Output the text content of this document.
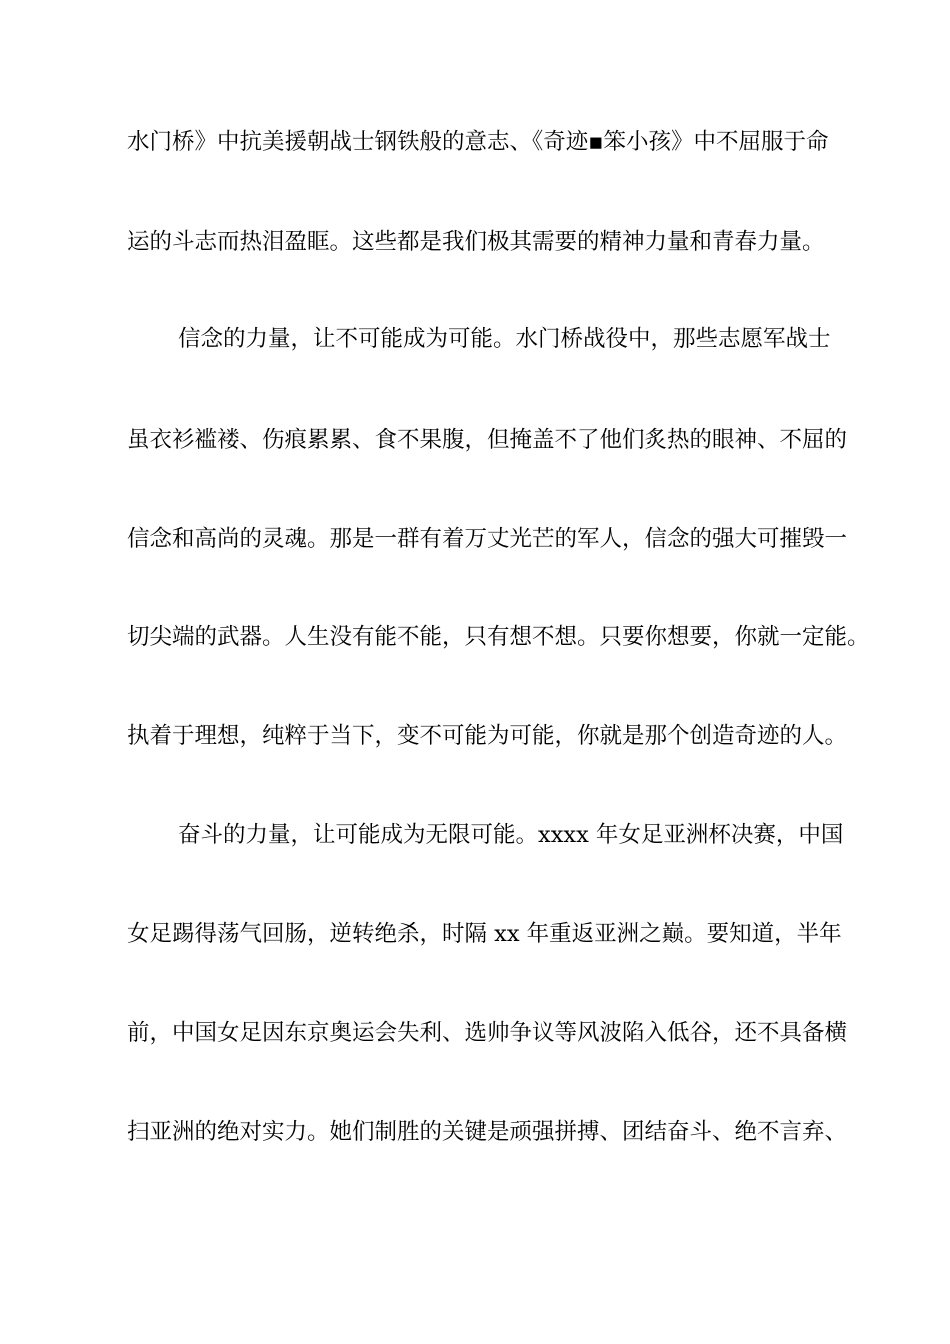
水门桥》中抗美援朝战士钢铁般的意志、《奇迹▪笨小孩》中不屈服于命
运的斗志而热泪盈眶。这些都是我们极其需要的精神力量和青春力量。
信念的力量，让不可能成为可能。水门桥战役中，那些志愿军战士
虽衣衫褴褛、伤痕累累、食不果腹，但掩盖不了他们炙热的眼神、不屈的
信念和高尚的灵魂。那是一群有着万丈光芒的军人，信念的强大可摧毁一
切尖端的武器。人生没有能不能，只有想不想。只要你想要，你就一定能。
执着于理想，纯粹于当下，变不可能为可能，你就是那个创造奇迹的人。
奋斗的力量，让可能成为无限可能。xxxx 年女足亚洲杯决赛，中国
女足踢得荡气回肠，逆转绝杀，时隔 xx 年重返亚洲之巅。要知道，半年
前，中国女足因东京奥运会失利、选帅争议等风波陷入低谷，还不具备横
扫亚洲的绝对实力。她们制胜的关键是顽强拼搏、团结奋斗、绝不言弃、
